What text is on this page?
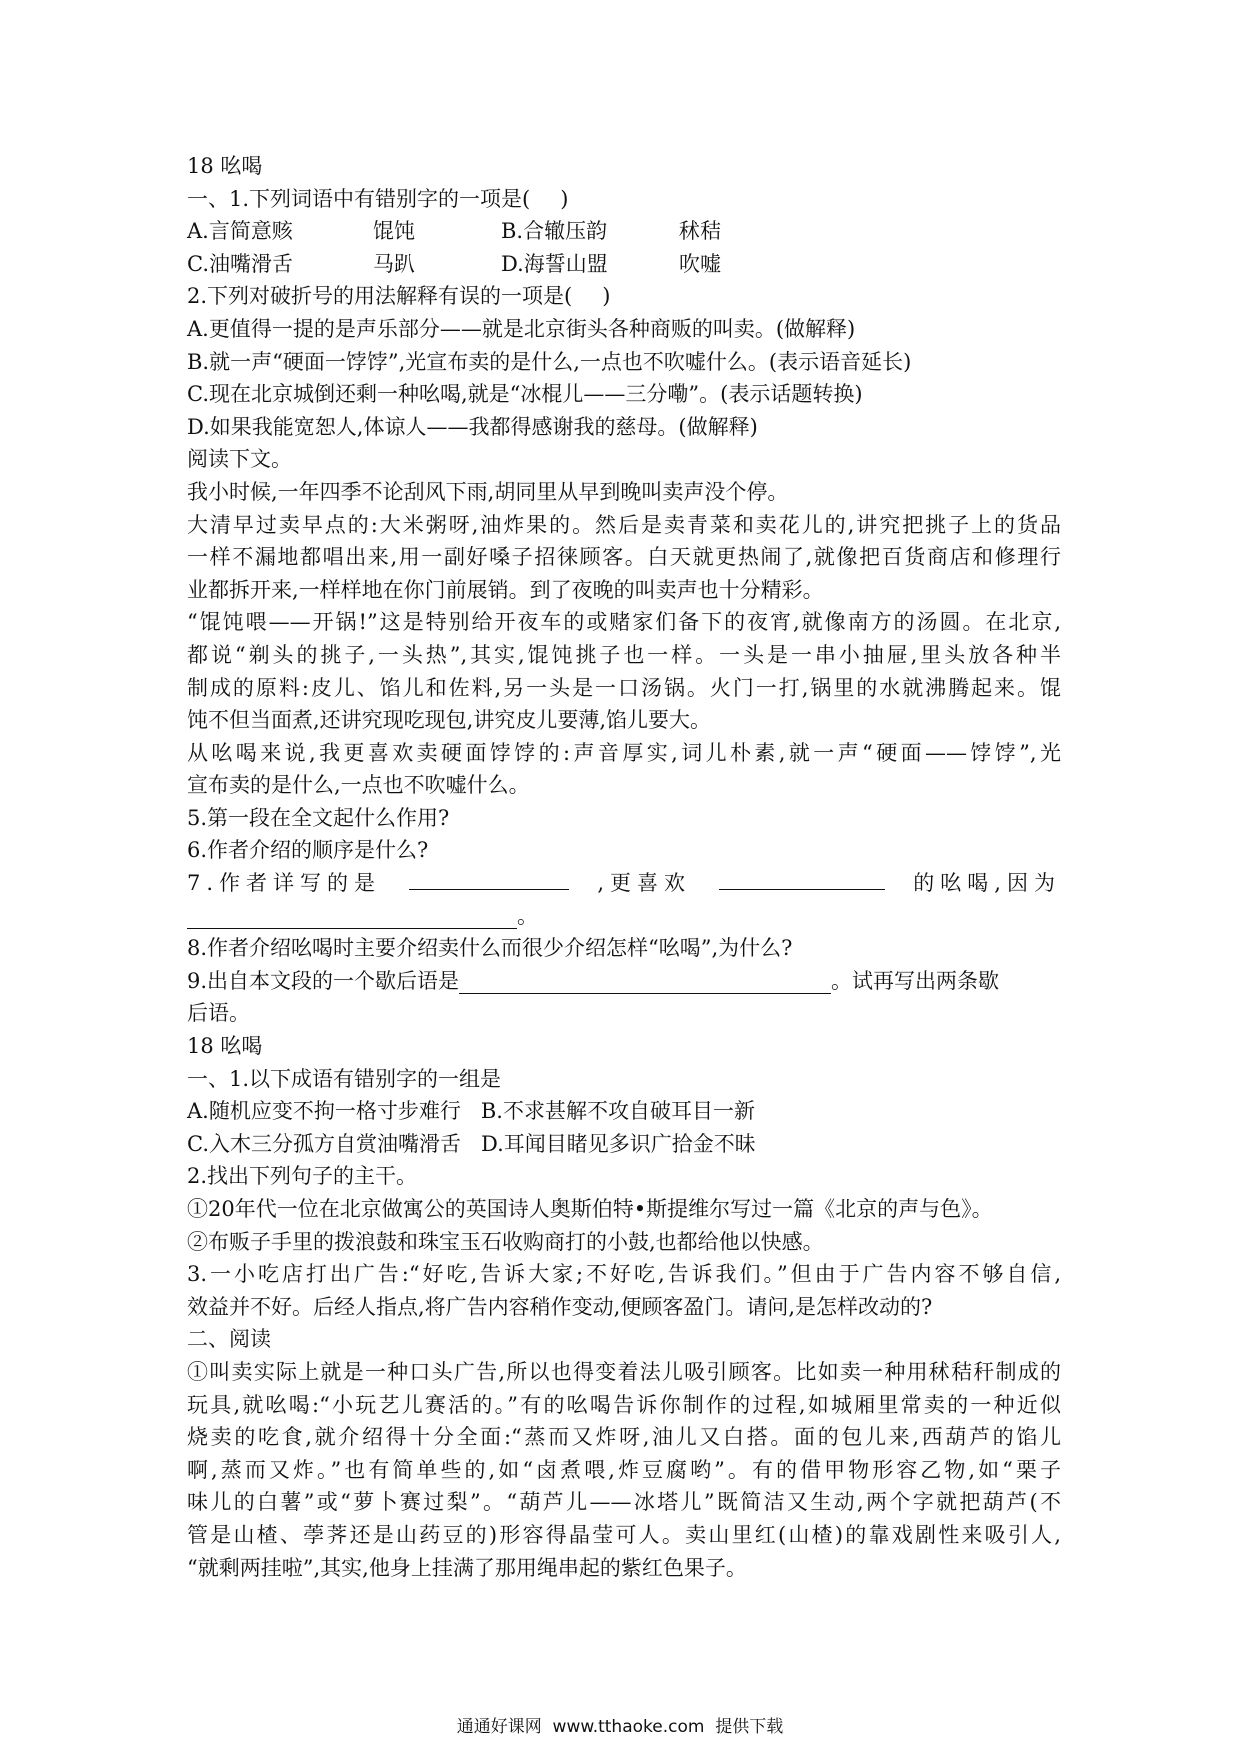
18 吆喝
一、1.下列词语中有错别字的一项是( )
A.言简意赅	馄饨	B.合辙压韵	秫秸
C.油嘴滑舌	马趴	D.海誓山盟	吹嘘
2.下列对破折号的用法解释有误的一项是( )
A.更值得一提的是声乐部分——就是北京街头各种商贩的叫卖。(做解释)
B.就一声“硬面一饽饽”,光宣布卖的是什么,一点也不吹嘘什么。(表示语音延长)
C.现在北京城倒还剩一种吆喝,就是“冰棍儿——三分嘞”。(表示话题转换)
D.如果我能宽恕人,体谅人——我都得感谢我的慈母。(做解释)
阅读下文。
我小时候,一年四季不论刮风下雨,胡同里从早到晚叫卖声没个停。
大清早过卖早点的:大米粥呀,油炸果的。然后是卖青菜和卖花儿的,讲究把挑子上的货品
一样不漏地都唱出来,用一副好嗓子招徕顾客。白天就更热闹了,就像把百货商店和修理行
业都拆开来,一样样地在你门前展销。到了夜晚的叫卖声也十分精彩。
“馄饨喂——开锅!”这是特别给开夜车的或赌家们备下的夜宵,就像南方的汤圆。在北京,
都说“剃头的挑子,一头热”,其实,馄饨挑子也一样。一头是一串小抽屉,里头放各种半
制成的原料:皮儿、馅儿和佐料,另一头是一口汤锅。火门一打,锅里的水就沸腾起来。馄
饨不但当面煮,还讲究现吃现包,讲究皮儿要薄,馅儿要大。
从吆喝来说,我更喜欢卖硬面饽饽的:声音厚实,词儿朴素,就一声“硬面——饽饽”,光
宣布卖的是什么,一点也不吹嘘什么。
5.第一段在全文起什么作用?
6.作者介绍的顺序是什么?
7.作者详写的是	,更喜欢	的吆喝,因为
。
8.作者介绍吆喝时主要介绍卖什么而很少介绍怎样“吆喝”,为什么?
9.出自本文段的一个歇后语是	。试再写出两条歇
后语。
18 吆喝
一、1.以下成语有错别字的一组是
A.随机应变不拘一格寸步难行   B.不求甚解不攻自破耳目一新
C.入木三分孤方自赏油嘴滑舌   D.耳闻目睹见多识广拾金不昧
2.找出下列句子的主干。
①20年代一位在北京做寓公的英国诗人奥斯伯特•斯提维尔写过一篇《北京的声与色》。
②布贩子手里的拨浪鼓和珠宝玉石收购商打的小鼓,也都给他以快感。
3.一小吃店打出广告:“好吃,告诉大家;不好吃,告诉我们。”但由于广告内容不够自信,
效益并不好。后经人指点,将广告内容稍作变动,便顾客盈门。请问,是怎样改动的?
二、阅读
①叫卖实际上就是一种口头广告,所以也得变着法儿吸引顾客。比如卖一种用秫秸秆制成的
玩具,就吆喝:“小玩艺儿赛活的。”有的吆喝告诉你制作的过程,如城厢里常卖的一种近似
烧卖的吃食,就介绍得十分全面:“蒸而又炸呀,油儿又白搭。面的包儿来,西葫芦的馅儿
啊,蒸而又炸。”也有简单些的,如“卤煮喂,炸豆腐哟”。有的借甲物形容乙物,如“栗子
味儿的白薯”或“萝卜赛过梨”。“葫芦儿——冰塔儿”既简洁又生动,两个字就把葫芦(不
管是山楂、荸荠还是山药豆的)形容得晶莹可人。卖山里红(山楂)的靠戏剧性来吸引人,
“就剩两挂啦”,其实,他身上挂满了那用绳串起的紫红色果子。
通通好课网  www.tthaoke.com  提供下载
